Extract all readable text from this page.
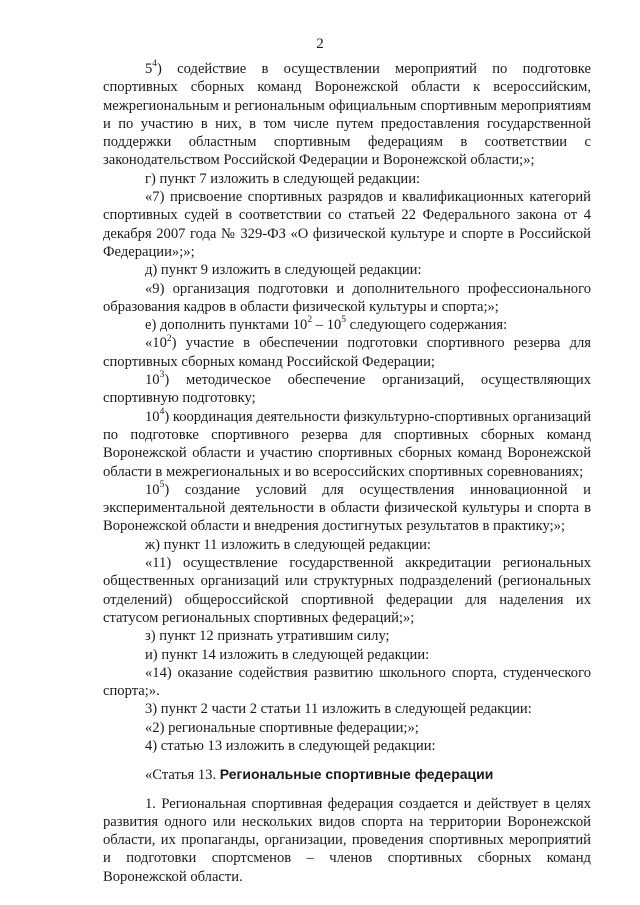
2

$5^4$) содействие в осуществлении мероприятий по подготовке спортивных сборных команд Воронежской области к всероссийским, межрегиональным и региональным официальным спортивным мероприятиям и по участию в них, в том числе путем предоставления государственной поддержки областным спортивным федерациям в соответствии с законодательством Российской Федерации и Воронежской области;»;

г) пункт 7 изложить в следующей редакции:

«7) присвоение спортивных разрядов и квалификационных категорий спортивных судей в соответствии со статьей 22 Федерального закона от 4 декабря 2007 года № 329-ФЗ «О физической культуре и спорте в Российской Федерации»;»;

д) пункт 9 изложить в следующей редакции:

«9) организация подготовки и дополнительного профессионального образования кадров в области физической культуры и спорта;»;

е) дополнить пунктами $10^2 - 10^5$ следующего содержания:

«$10^2$) участие в обеспечении подготовки спортивного резерва для спортивных сборных команд Российской Федерации;

$10^3$) методическое обеспечение организаций, осуществляющих спортивную подготовку;

$10^4$) координация деятельности физкультурно-спортивных организаций по подготовке спортивного резерва для спортивных сборных команд Воронежской области и участию спортивных сборных команд Воронежской области в межрегиональных и во всероссийских спортивных соревнованиях;

$10^5$) создание условий для осуществления инновационной и экспериментальной деятельности в области физической культуры и спорта в Воронежской области и внедрения достигнутых результатов в практику;»;

ж) пункт 11 изложить в следующей редакции:

«11) осуществление государственной аккредитации региональных общественных организаций или структурных подразделений (региональных отделений) общероссийской спортивной федерации для наделения их статусом региональных спортивных федераций;»;

з) пункт 12 признать утратившим силу;

и) пункт 14 изложить в следующей редакции:

«14) оказание содействия развитию школьного спорта, студенческого спорта;».

3) пункт 2 части 2 статьи 11 изложить в следующей редакции:

«2) региональные спортивные федерации;»;

4) статью 13 изложить в следующей редакции:

«Статья 13. Региональные спортивные федерации

1. Региональная спортивная федерация создается и действует в целях развития одного или нескольких видов спорта на территории Воронежской области, их пропаганды, организации, проведения спортивных мероприятий и подготовки спортсменов – членов спортивных сборных команд Воронежской области.
